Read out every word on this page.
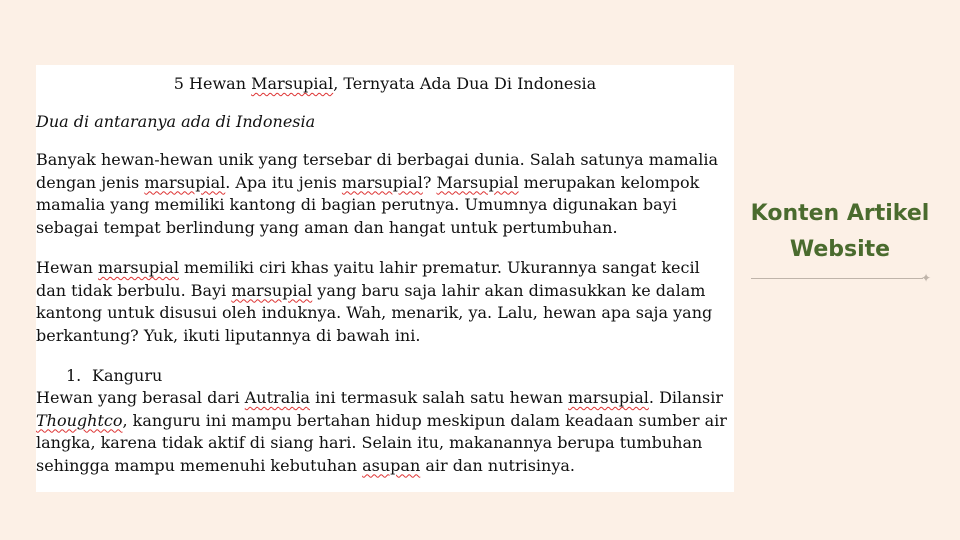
5 Hewan Marsupial, Ternyata Ada Dua Di Indonesia

Dua di antaranya ada di Indonesia

Banyak hewan-hewan unik yang tersebar di berbagai dunia. Salah satunya mamalia dengan jenis marsupial. Apa itu jenis marsupial? Marsupial merupakan kelompok mamalia yang memiliki kantong di bagian perutnya. Umumnya digunakan bayi sebagai tempat berlindung yang aman dan hangat untuk pertumbuhan.

Hewan marsupial memiliki ciri khas yaitu lahir prematur. Ukurannya sangat kecil dan tidak berbulu. Bayi marsupial yang baru saja lahir akan dimasukkan ke dalam kantong untuk disusui oleh induknya. Wah, menarik, ya. Lalu, hewan apa saja yang berkantung? Yuk, ikuti liputannya di bawah ini.

1. Kanguru

Hewan yang berasal dari Autralia ini termasuk salah satu hewan marsupial. Dilansir Thoughtco, kanguru ini mampu bertahan hidup meskipun dalam keadaan sumber air langka, karena tidak aktif di siang hari. Selain itu, makanannya berupa tumbuhan sehingga mampu memenuhi kebutuhan asupan air dan nutrisinya.

Konten Artikel
Website
✦
